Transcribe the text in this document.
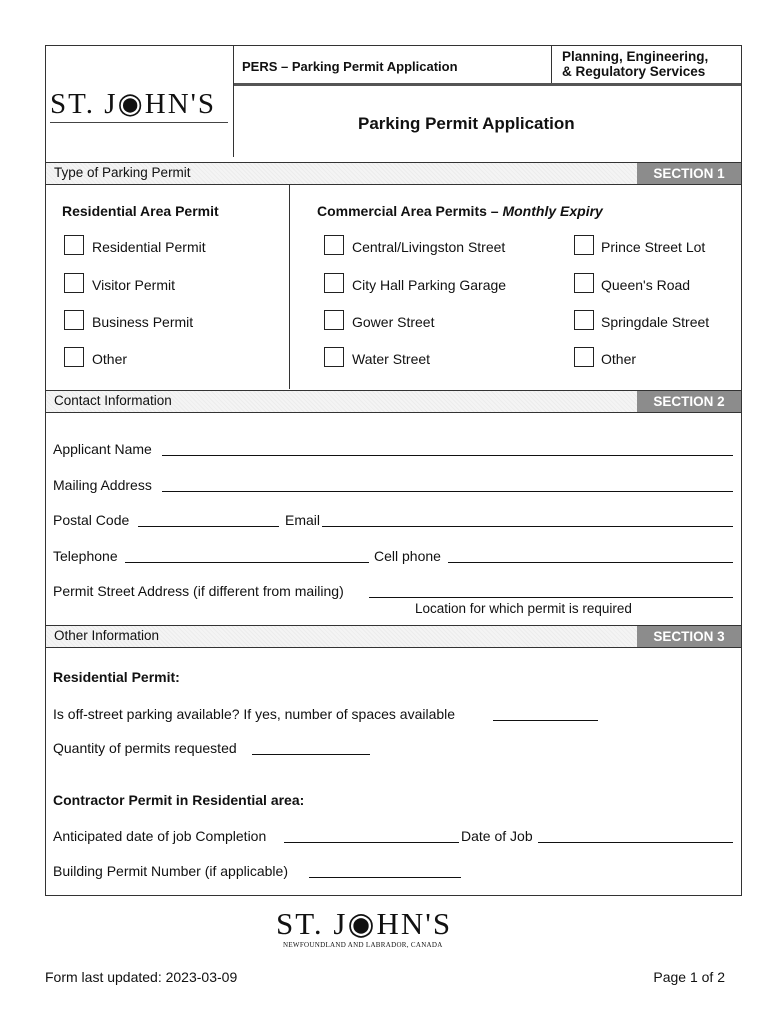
ST. J◉HN'S
PERS – Parking Permit Application
Planning, Engineering,
& Regulatory Services
Parking Permit Application
Type of Parking Permit	SECTION 1
Residential Area Permit	Commercial Area Permits – Monthly Expiry
Residential Permit
Visitor Permit
Business Permit
Other
Central/Livingston Street
City Hall Parking Garage
Gower Street
Water Street
Prince Street Lot
Queen's Road
Springdale Street
Other
Contact Information	SECTION 2
Applicant Name
Mailing Address
Postal Code	Email
Telephone	Cell phone
Permit Street Address (if different from mailing)
Location for which permit is required
Other Information	SECTION 3
Residential Permit:
Is off-street parking available? If yes, number of spaces available
Quantity of permits requested
Contractor Permit in Residential area:
Anticipated date of job Completion	Date of Job
Building Permit Number (if applicable)
ST. J◉HN'S
NEWFOUNDLAND AND LABRADOR, CANADA
Form last updated: 2023-03-09	Page 1 of 2
